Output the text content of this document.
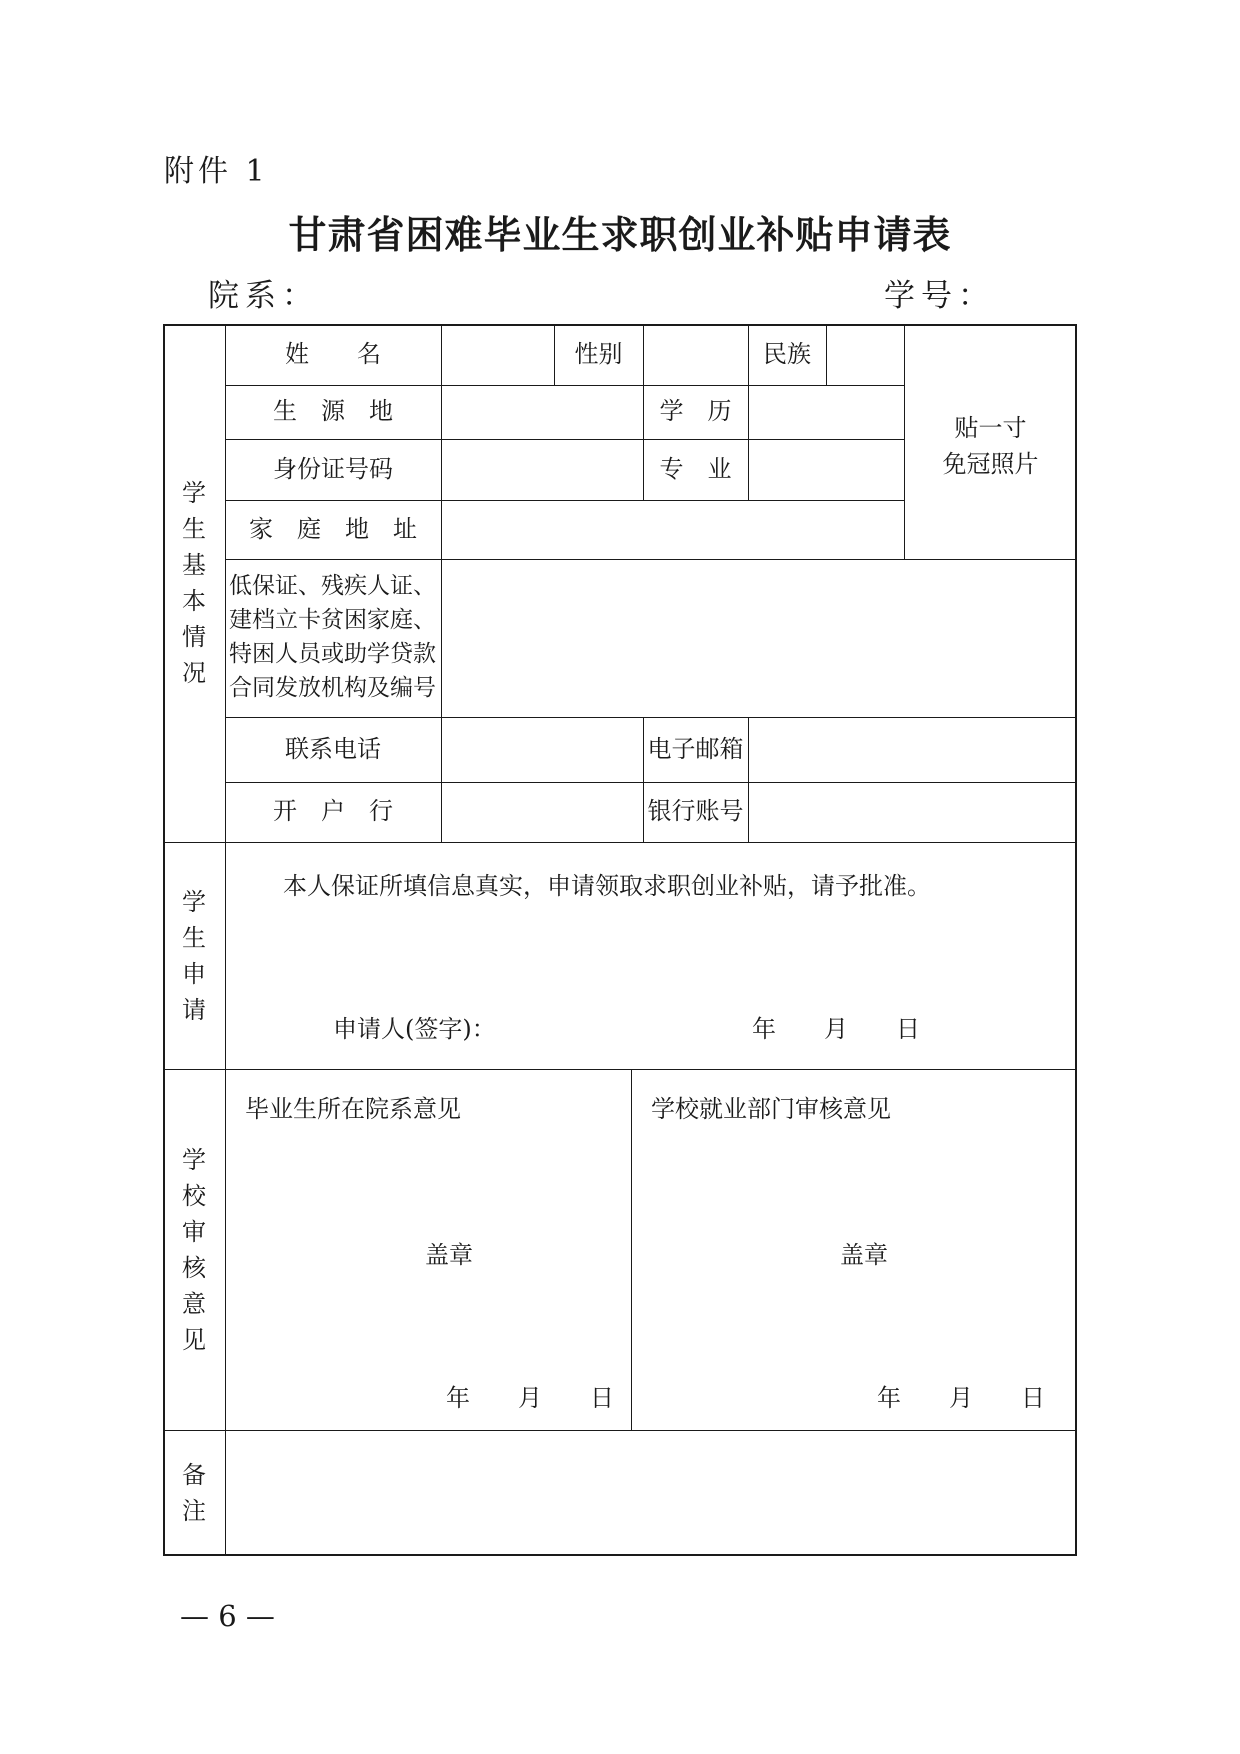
附件 1
甘肃省困难毕业生求职创业补贴申请表
院系：	学号：
学
生
基
本
情
况
姓　　名	性别	民族
生　源　地	学　历
身份证号码	专　业
家　庭　地　址
贴一寸
免冠照片
低保证、残疾人证、
建档立卡贫困家庭、
特困人员或助学贷款
合同发放机构及编号
联系电话	电子邮箱
开　户　行	银行账号
学
生
申
请
本人保证所填信息真实，申请领取求职创业补贴，请予批准。
申请人(签字)：	年　　月　　日
学
校
审
核
意
见
毕业生所在院系意见
盖章
年　　月　　日
学校就业部门审核意见
盖章
年　　月　　日
备
注
— 6 —
